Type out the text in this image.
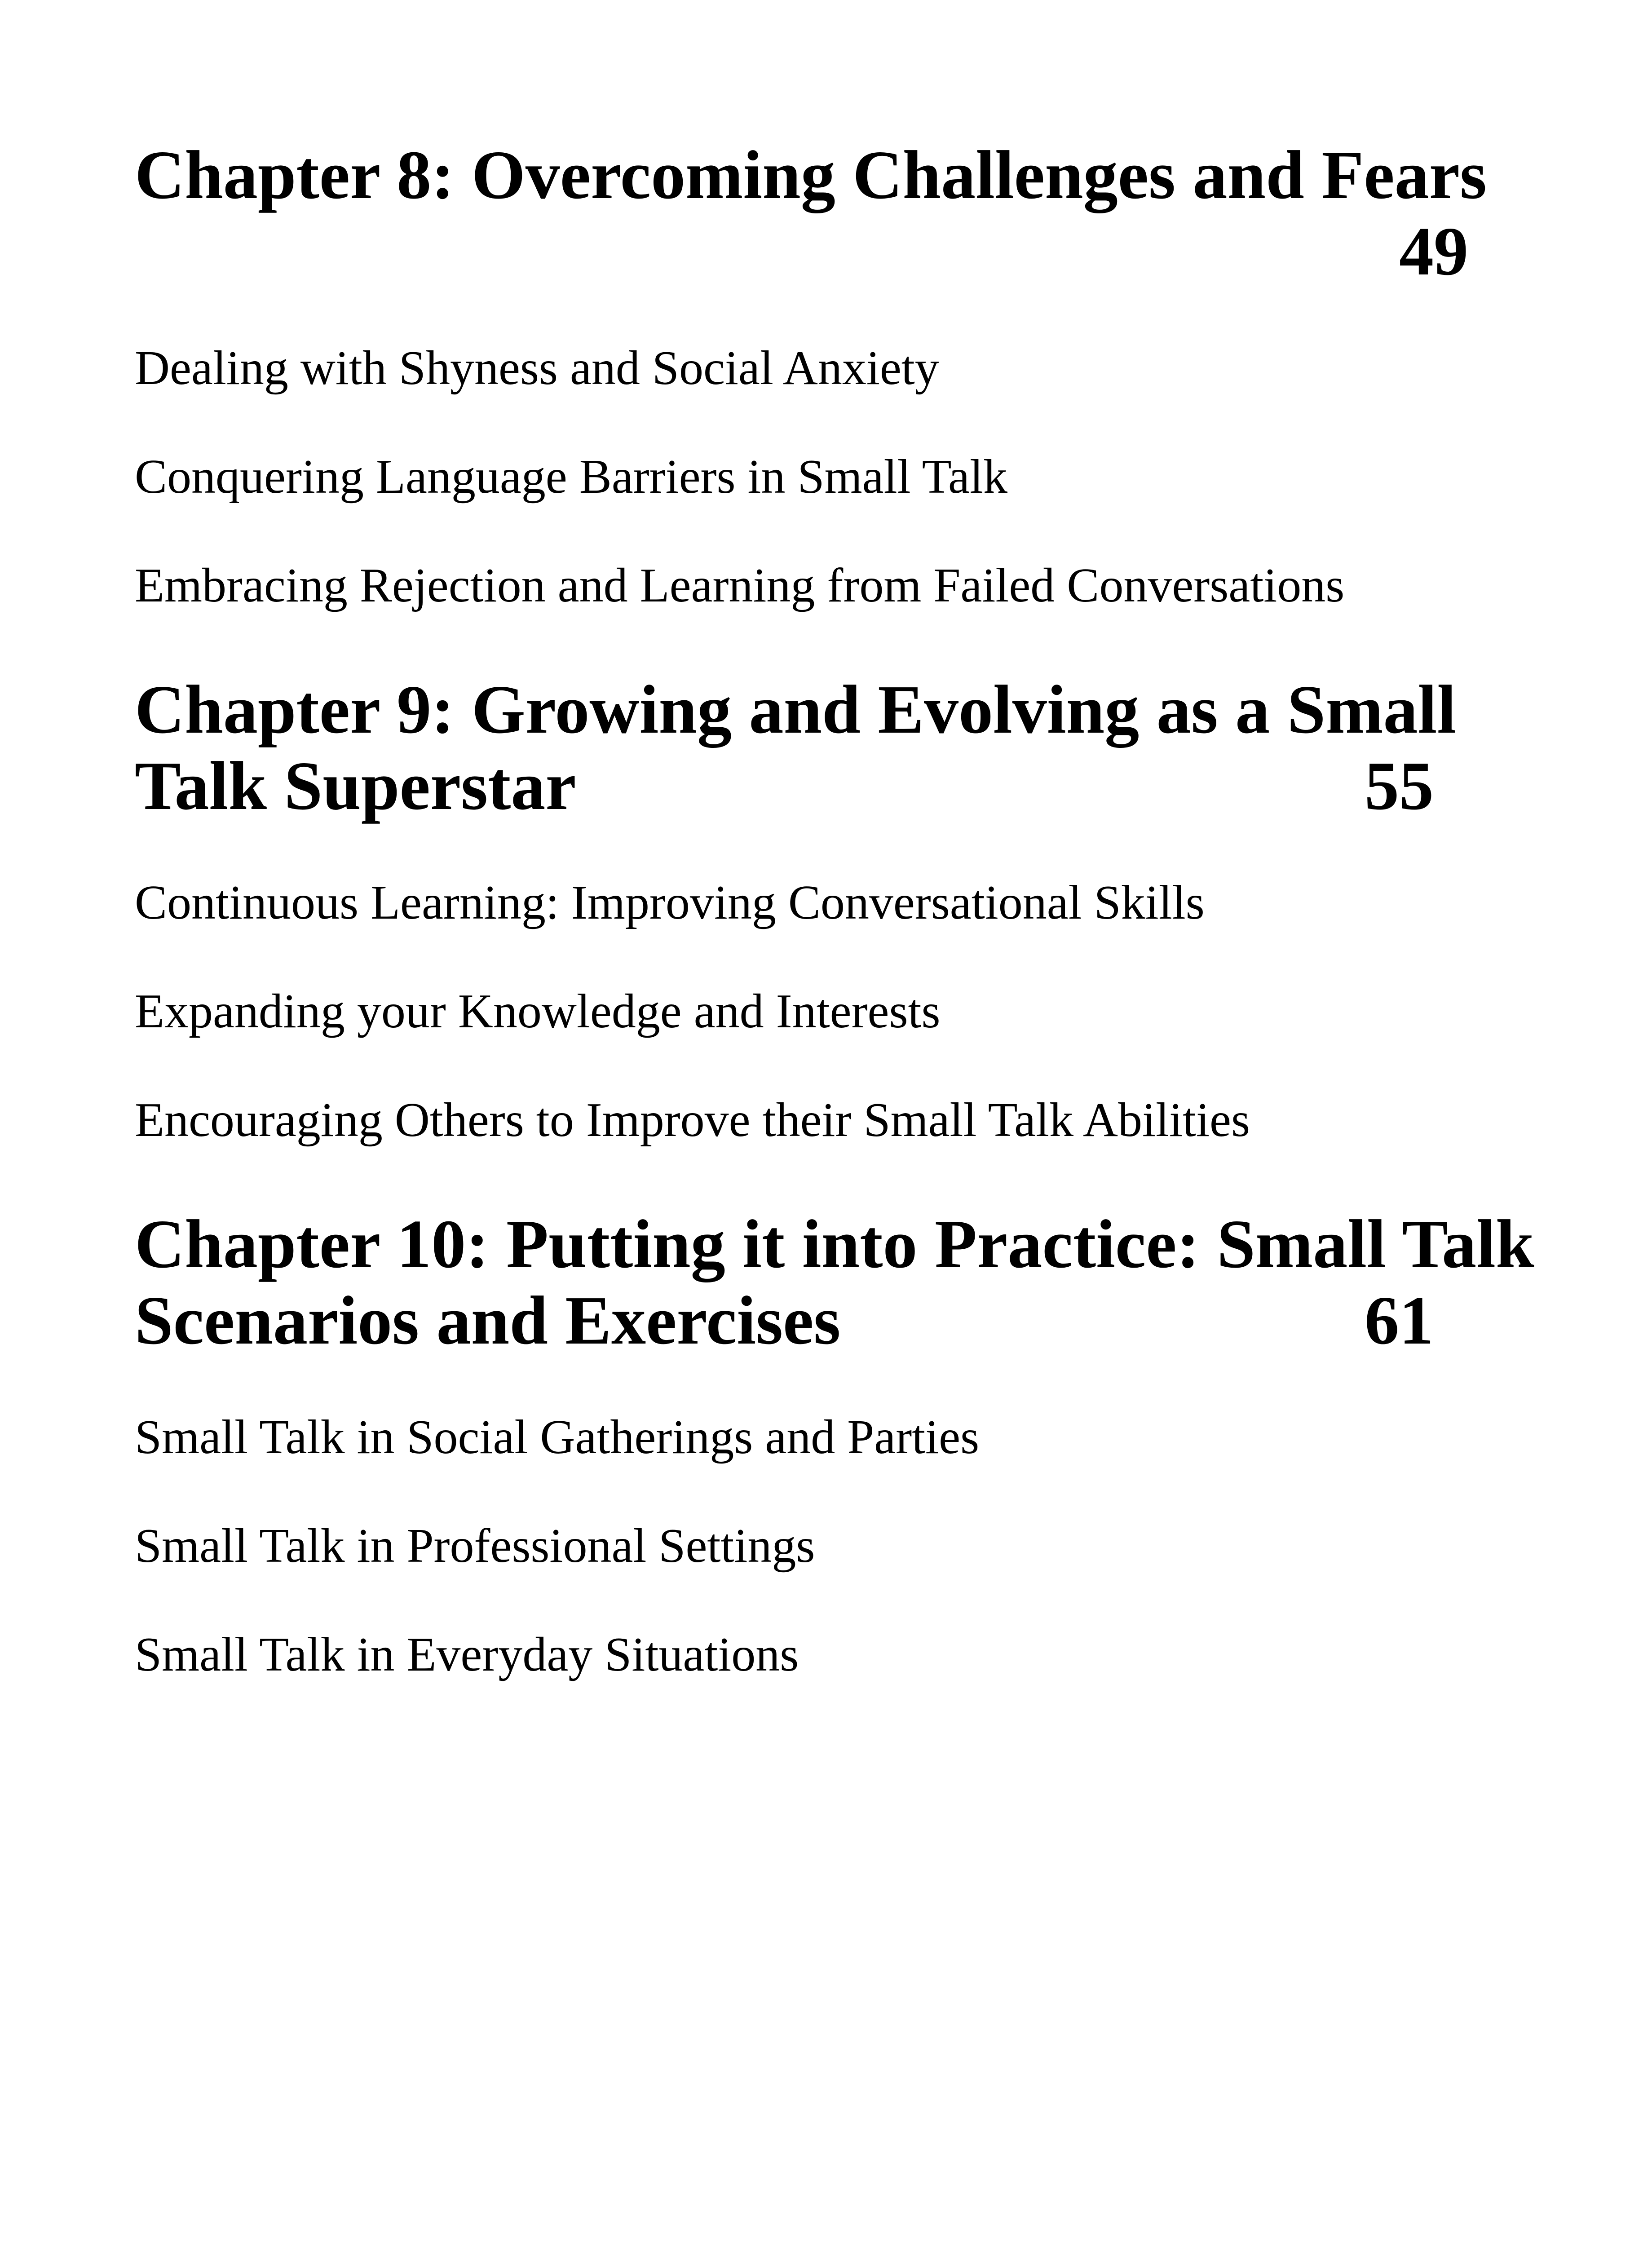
Chapter 8: Overcoming Challenges and Fears
49

Dealing with Shyness and Social Anxiety

Conquering Language Barriers in Small Talk

Embracing Rejection and Learning from Failed Conversations

Chapter 9: Growing and Evolving as a Small
Talk Superstar	55

Continuous Learning: Improving Conversational Skills

Expanding your Knowledge and Interests

Encouraging Others to Improve their Small Talk Abilities

Chapter 10: Putting it into Practice: Small Talk
Scenarios and Exercises	61

Small Talk in Social Gatherings and Parties

Small Talk in Professional Settings

Small Talk in Everyday Situations
